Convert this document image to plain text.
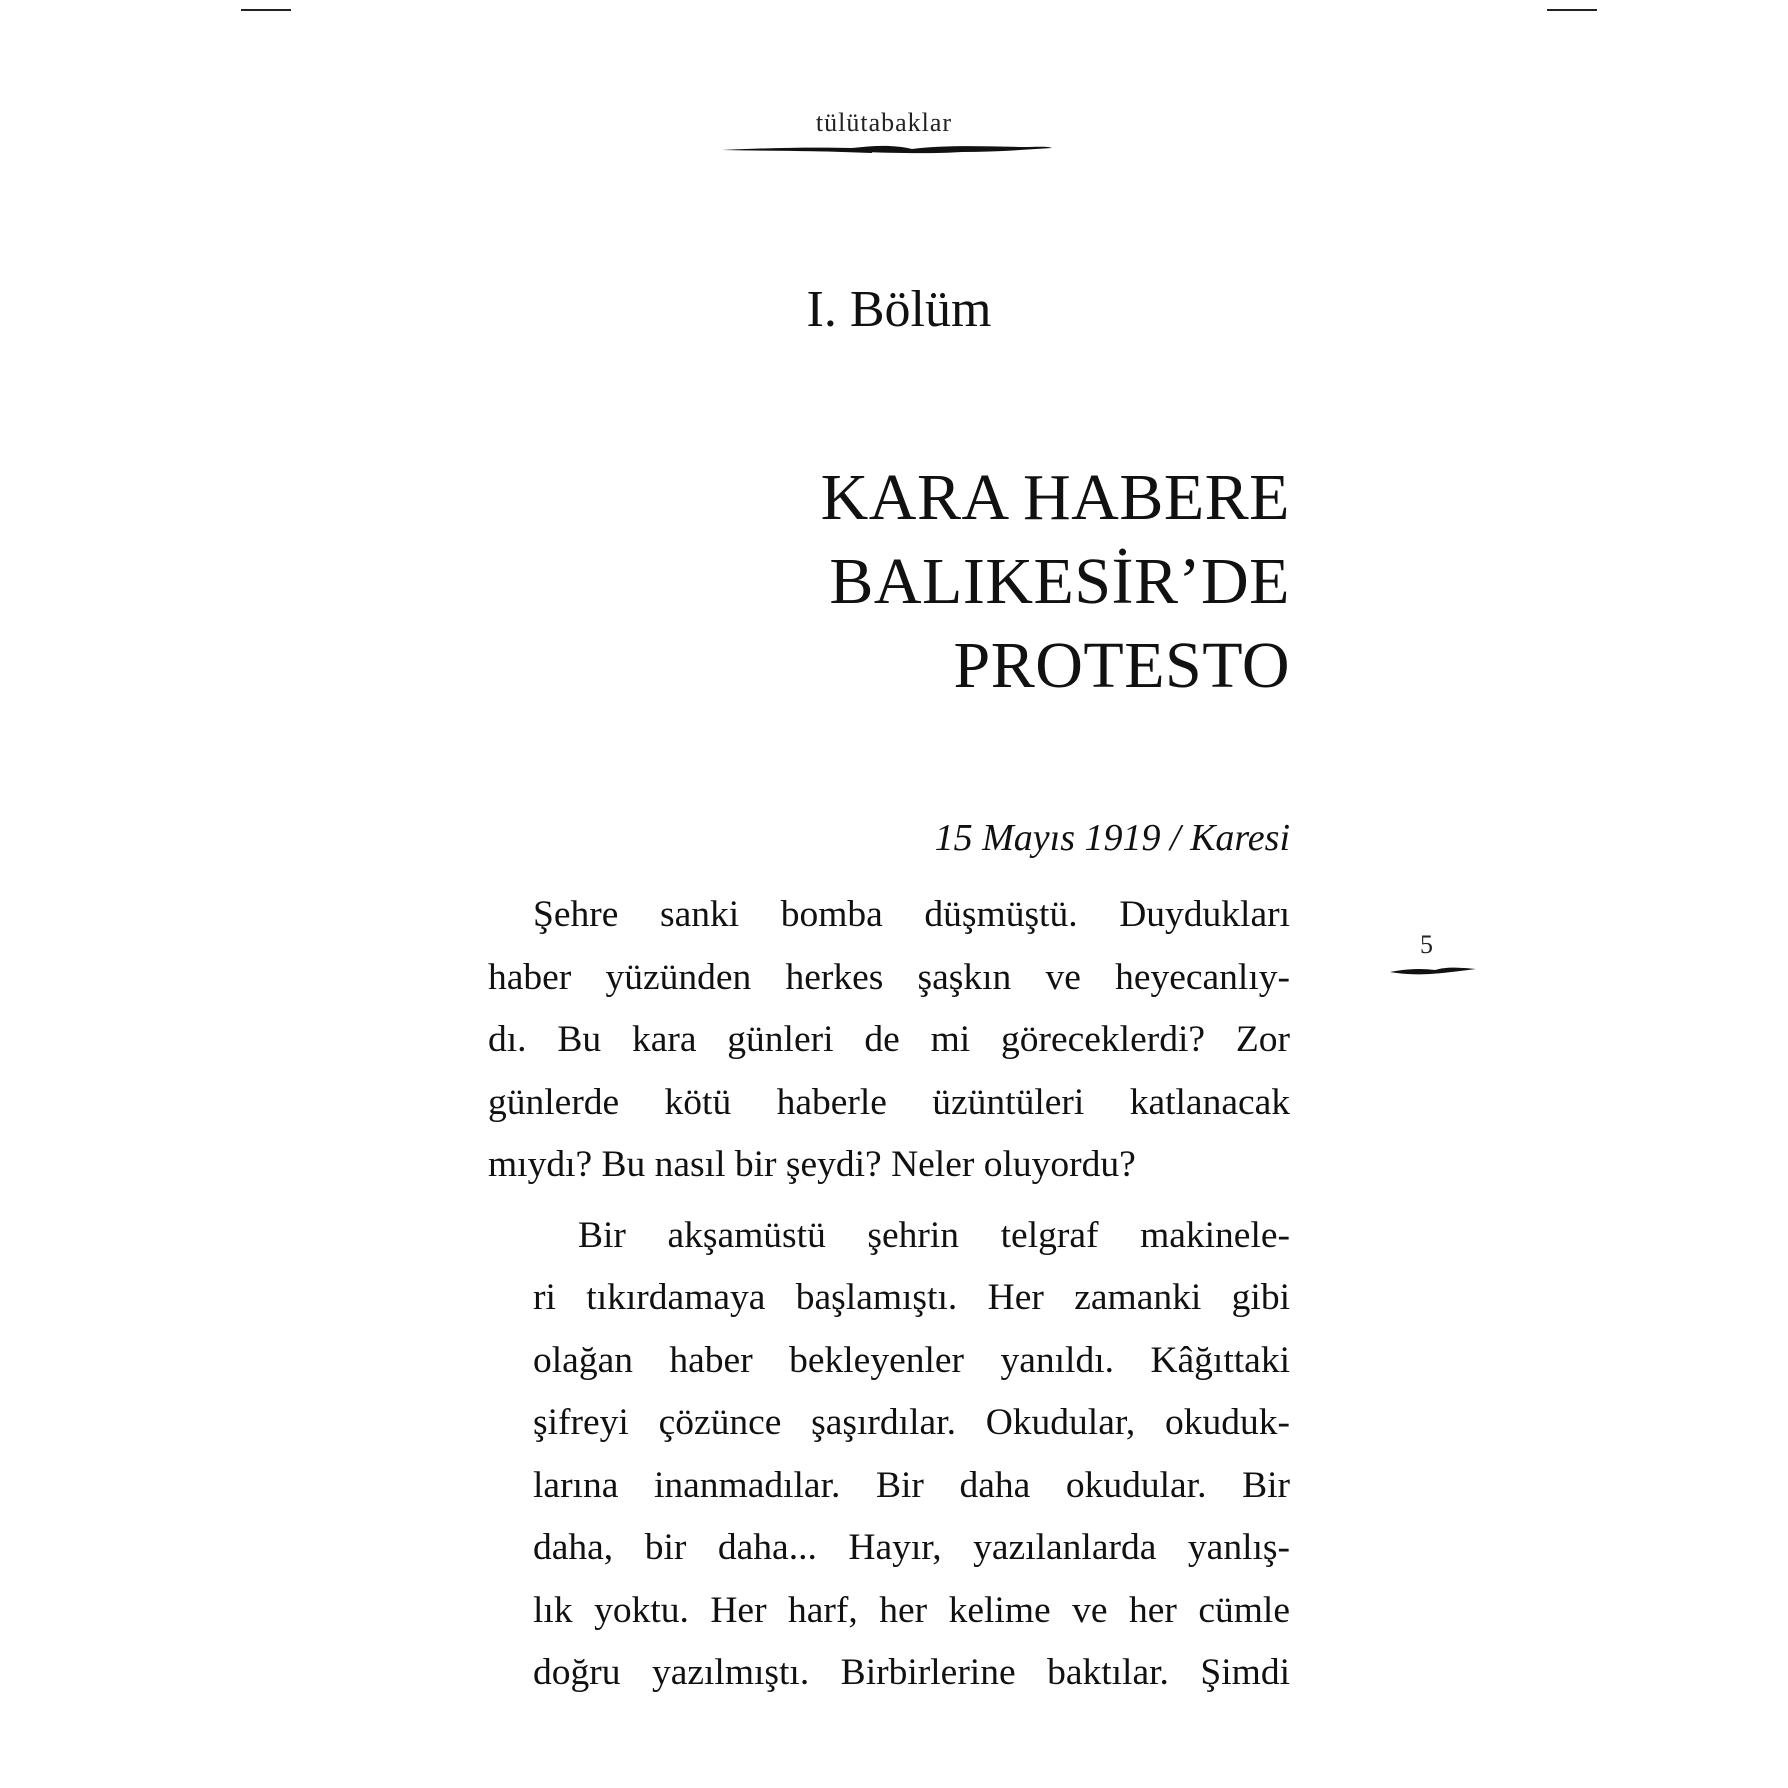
tülütabaklar
I. Bölüm
KARA HABERE
BALIKESİR’DE
PROTESTO
15 Mayıs 1919 / Karesi
Şehre sanki bomba düşmüştü. Duydukları
haber yüzünden herkes şaşkın ve heyecanlıy-
dı. Bu kara günleri de mi göreceklerdi? Zor
günlerde kötü haberle üzüntüleri katlanacak
mıydı? Bu nasıl bir şeydi? Neler oluyordu?
Bir akşamüstü şehrin telgraf makinele-
ri tıkırdamaya başlamıştı. Her zamanki gibi
olağan haber bekleyenler yanıldı. Kâğıttaki
şifreyi çözünce şaşırdılar. Okudular, okuduk-
larına inanmadılar. Bir daha okudular. Bir
daha, bir daha... Hayır, yazılanlarda yanlış-
lık yoktu. Her harf, her kelime ve her cümle
doğru yazılmıştı. Birbirlerine baktılar. Şimdi
5
